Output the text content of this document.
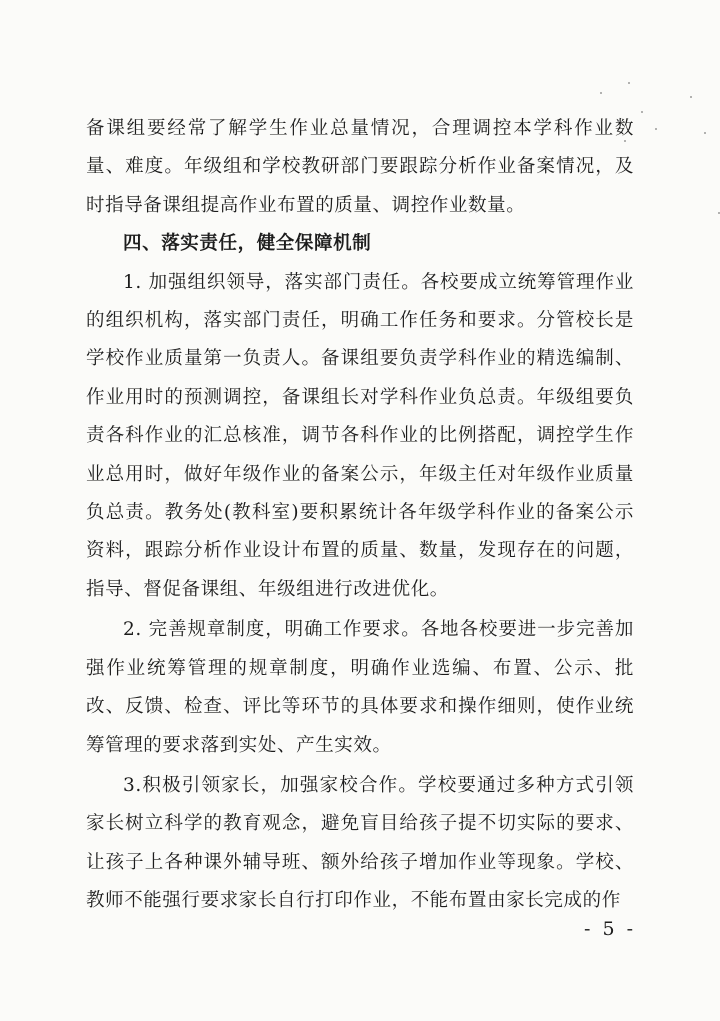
备课组要经常了解学生作业总量情况，合理调控本学科作业数量、难度。年级组和学校教研部门要跟踪分析作业备案情况，及时指导备课组提高作业布置的质量、调控作业数量。

四、落实责任，健全保障机制

1. 加强组织领导，落实部门责任。各校要成立统筹管理作业的组织机构，落实部门责任，明确工作任务和要求。分管校长是学校作业质量第一负责人。备课组要负责学科作业的精选编制、作业用时的预测调控，备课组长对学科作业负总责。年级组要负责各科作业的汇总核准，调节各科作业的比例搭配，调控学生作业总用时，做好年级作业的备案公示，年级主任对年级作业质量负总责。教务处(教科室)要积累统计各年级学科作业的备案公示资料，跟踪分析作业设计布置的质量、数量，发现存在的问题，指导、督促备课组、年级组进行改进优化。

2. 完善规章制度，明确工作要求。各地各校要进一步完善加强作业统筹管理的规章制度，明确作业选编、布置、公示、批改、反馈、检查、评比等环节的具体要求和操作细则，使作业统筹管理的要求落到实处、产生实效。

3.积极引领家长，加强家校合作。学校要通过多种方式引领家长树立科学的教育观念，避免盲目给孩子提不切实际的要求、让孩子上各种课外辅导班、额外给孩子增加作业等现象。学校、教师不能强行要求家长自行打印作业，不能布置由家长完成的作

- 5 -
